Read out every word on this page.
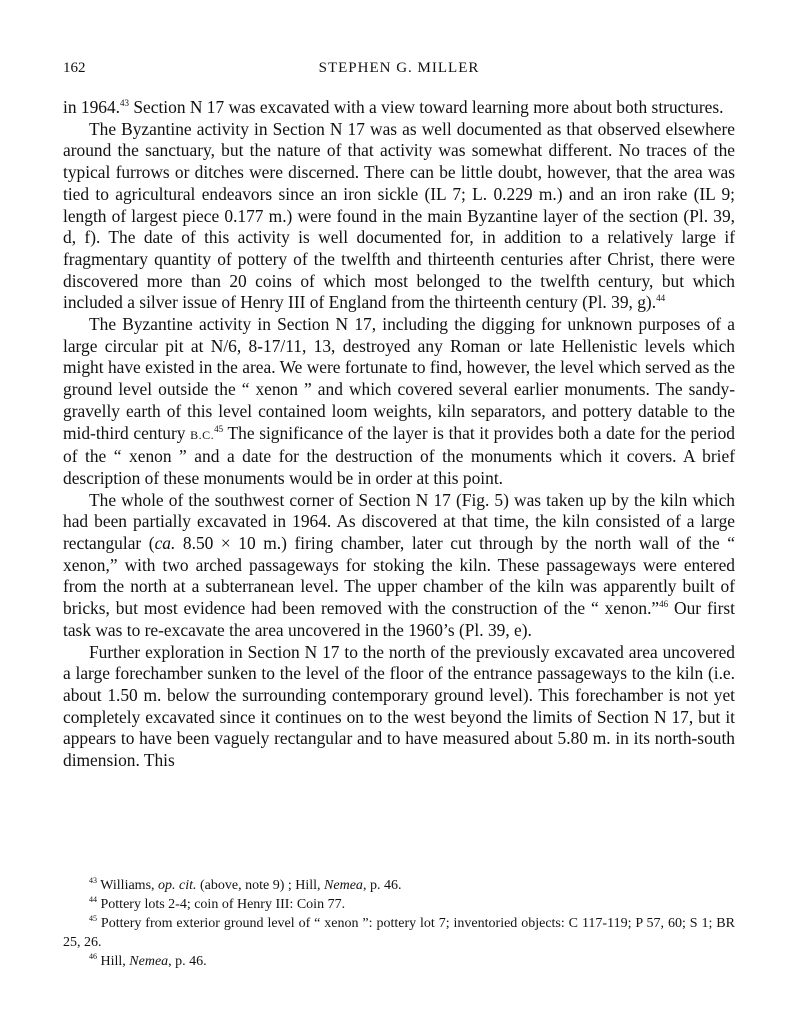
162	STEPHEN G. MILLER

in 1964.43 Section N 17 was excavated with a view toward learning more about both structures.

The Byzantine activity in Section N 17 was as well documented as that observed elsewhere around the sanctuary, but the nature of that activity was somewhat different. No traces of the typical furrows or ditches were discerned. There can be little doubt, however, that the area was tied to agricultural endeavors since an iron sickle (IL 7; L. 0.229 m.) and an iron rake (IL 9; length of largest piece 0.177 m.) were found in the main Byzantine layer of the section (Pl. 39, d, f). The date of this activity is well documented for, in addition to a relatively large if fragmentary quantity of pottery of the twelfth and thirteenth centuries after Christ, there were discovered more than 20 coins of which most belonged to the twelfth century, but which included a silver issue of Henry III of England from the thirteenth century (Pl. 39, g).$^{44}$

The Byzantine activity in Section N 17, including the digging for unknown purposes of a large circular pit at N/6, 8-17/11, 13, destroyed any Roman or late Hellenistic levels which might have existed in the area. We were fortunate to find, however, the level which served as the ground level outside the “ xenon ” and which covered several earlier monuments. The sandy-gravelly earth of this level contained loom weights, kiln separators, and pottery datable to the mid-third century B.C.$^{45}$ The significance of the layer is that it provides both a date for the period of the “ xenon ” and a date for the destruction of the monuments which it covers. A brief description of these monuments would be in order at this point.

The whole of the southwest corner of Section N 17 (Fig. 5) was taken up by the kiln which had been partially excavated in 1964. As discovered at that time, the kiln consisted of a large rectangular (ca. 8.50 × 10 m.) firing chamber, later cut through by the north wall of the “ xenon,” with two arched passageways for stoking the kiln. These passageways were entered from the north at a subterranean level. The upper chamber of the kiln was apparently built of bricks, but most evidence had been removed with the construction of the “ xenon.”$^{46}$ Our first task was to re-excavate the area uncovered in the 1960’s (Pl. 39, e).

Further exploration in Section N 17 to the north of the previously excavated area uncovered a large forechamber sunken to the level of the floor of the entrance passageways to the kiln (i.e. about 1.50 m. below the surrounding contemporary ground level). This forechamber is not yet completely excavated since it continues on to the west beyond the limits of Section N 17, but it appears to have been vaguely rectangular and to have measured about 5.80 m. in its north-south dimension. This

$^{43}$ Williams, op. cit. (above, note 9) ; Hill, Nemea, p. 46.

$^{44}$ Pottery lots 2-4; coin of Henry III: Coin 77.

$^{45}$ Pottery from exterior ground level of “ xenon ”: pottery lot 7; inventoried objects: C 117-119; P 57, 60; S 1; BR 25, 26.

$^{46}$ Hill, Nemea, p. 46.
